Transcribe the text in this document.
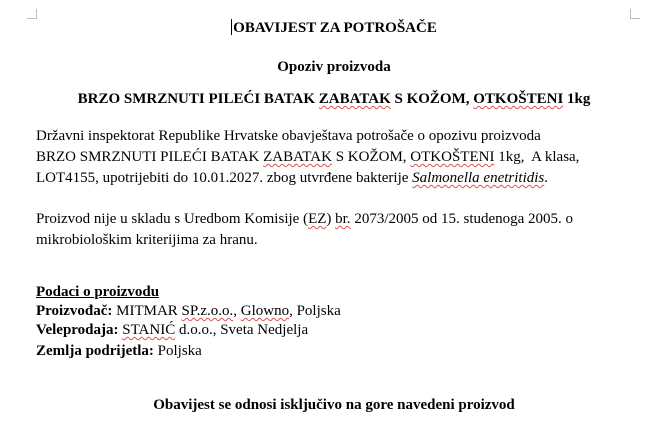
OBAVIJEST ZA POTROŠAČE
Opoziv proizvoda
BRZO SMRZNUTI PILEĆI BATAK ZABATAK S KOŽOM, OTKOŠTENI 1kg
Državni inspektorat Republike Hrvatske obavještava potrošače o opozivu proizvoda
BRZO SMRZNUTI PILEĆI BATAK ZABATAK S KOŽOM, OTKOŠTENI 1kg,  A klasa,
LOT4155, upotrijebiti do 10.01.2027. zbog utvrđene bakterije Salmonella enetritidis.
Proizvod nije u skladu s Uredbom Komisije (EZ) br. 2073/2005 od 15. studenoga 2005. o
mikrobiološkim kriterijima za hranu.
Podaci o proizvodu
Proizvođač: MITMAR SP.z.o.o., Glowno, Poljska
Veleprodaja: STANIĆ d.o.o., Sveta Nedjelja
Zemlja podrijetla: Poljska
Obavijest se odnosi isključivo na gore navedeni proizvod
